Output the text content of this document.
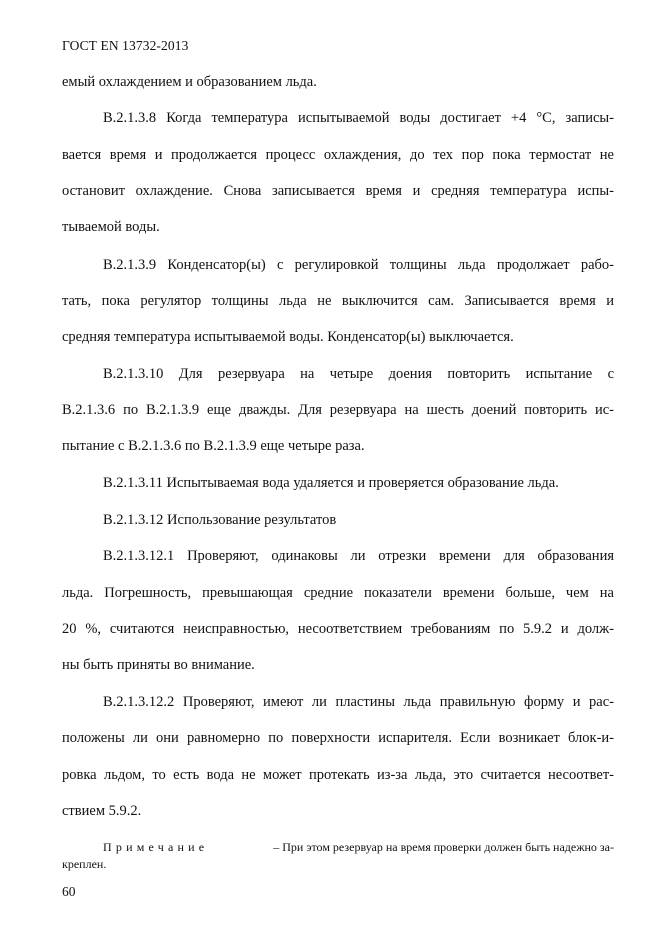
ГОСТ EN 13732-2013
емый охлаждением и образованием льда.
B.2.1.3.8 Когда температура испытываемой воды достигает +4 °С, записы-
вается время и продолжается процесс охлаждения, до тех пор пока термостат не
остановит охлаждение. Снова записывается время и средняя температура испы-
тываемой воды.
B.2.1.3.9 Конденсатор(ы) с регулировкой толщины льда продолжает рабо-
тать, пока регулятор толщины льда не выключится сам. Записывается время и
средняя температура испытываемой воды. Конденсатор(ы) выключается.
B.2.1.3.10 Для резервуара на четыре доения повторить испытание с
B.2.1.3.6 по B.2.1.3.9 еще дважды. Для резервуара на шесть доений повторить ис-
пытание с B.2.1.3.6 по B.2.1.3.9 еще четыре раза.
B.2.1.3.11 Испытываемая вода удаляется и проверяется образование льда.
B.2.1.3.12 Использование результатов
B.2.1.3.12.1 Проверяют, одинаковы ли отрезки времени для образования
льда. Погрешность, превышающая средние показатели времени больше, чем на
20 %, считаются неисправностью, несоответствием требованиям по 5.9.2 и долж-
ны быть приняты во внимание.
B.2.1.3.12.2 Проверяют, имеют ли пластины льда правильную форму и рас-
положены ли они равномерно по поверхности испарителя. Если возникает блок-и-
ровка льдом, то есть вода не может протекать из-за льда, это считается несоответ-
ствием 5.9.2.
Примечание	– При этом резервуар на время проверки должен быть надежно за-
креплен.
60
